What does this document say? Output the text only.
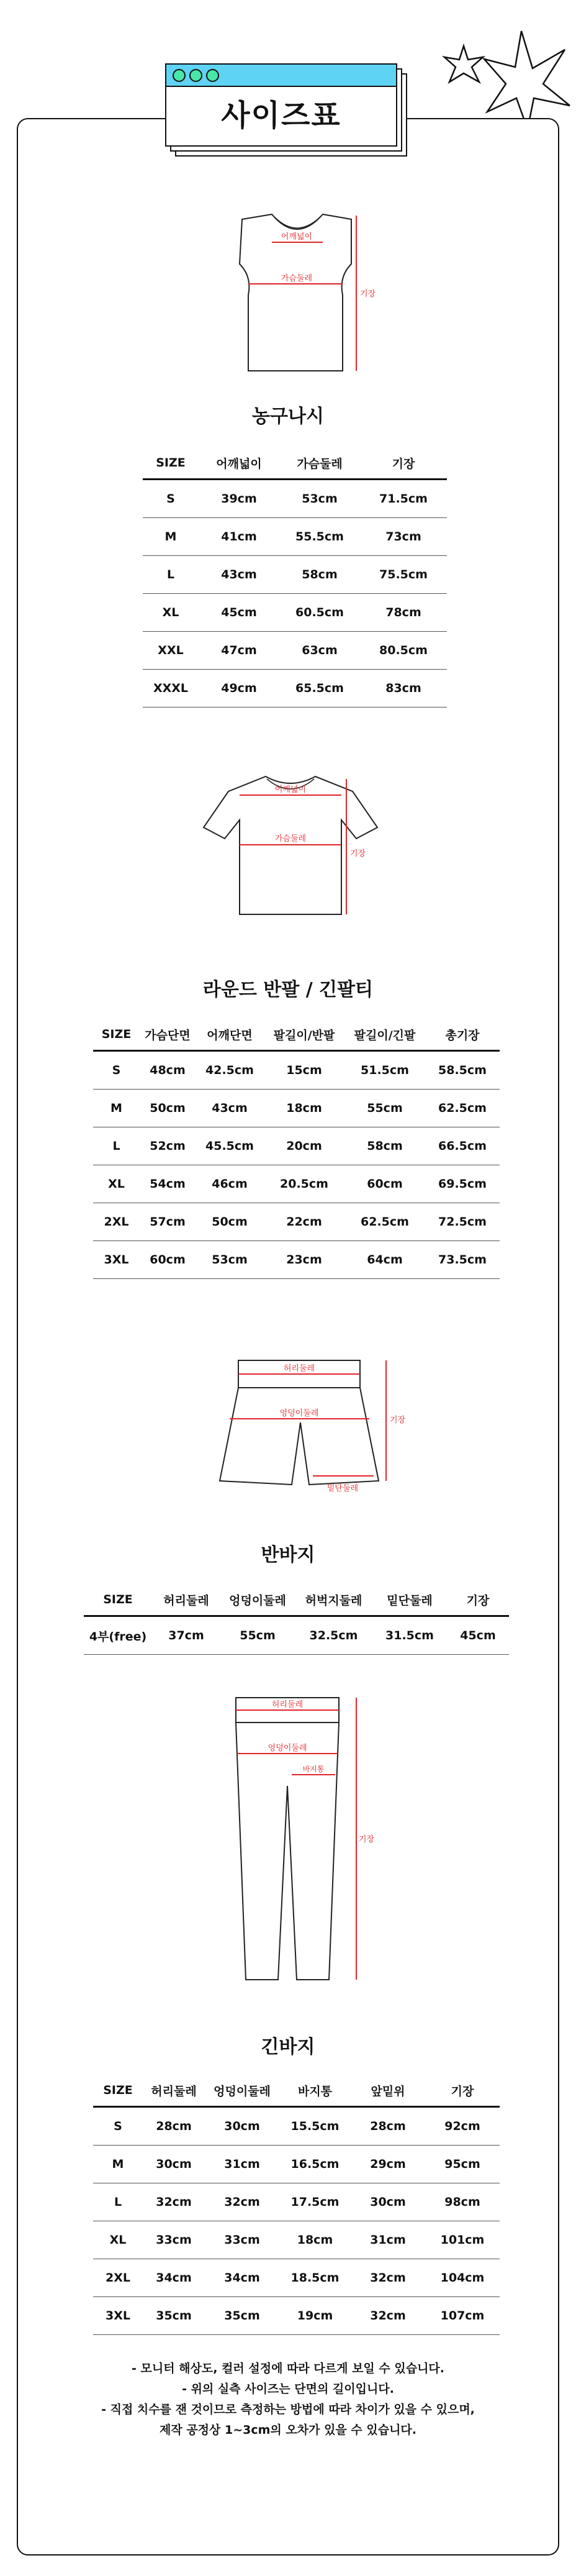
사이즈표
어깨넓이
가슴둘레
기장
농구나시
SIZE	어깨넓이	가슴둘레	기장
S	39cm	53cm	71.5cm
M	41cm	55.5cm	73cm
L	43cm	58cm	75.5cm
XL	45cm	60.5cm	78cm
XXL	47cm	63cm	80.5cm
XXXL	49cm	65.5cm	83cm
어깨넓이
가슴둘레
기장
라운드 반팔 / 긴팔티
SIZE	가슴단면	어깨단면	팔길이/반팔	팔길이/긴팔	총기장
S	48cm	42.5cm	15cm	51.5cm	58.5cm
M	50cm	43cm	18cm	55cm	62.5cm
L	52cm	45.5cm	20cm	58cm	66.5cm
XL	54cm	46cm	20.5cm	60cm	69.5cm
2XL	57cm	50cm	22cm	62.5cm	72.5cm
3XL	60cm	53cm	23cm	64cm	73.5cm
허리둘레
엉덩이둘레
밑단둘레
기장
반바지
SIZE	허리둘레	엉덩이둘레	허벅지둘레	밑단둘레	기장
4부(free)	37cm	55cm	32.5cm	31.5cm	45cm
허리둘레
엉덩이둘레
바지통
기장
긴바지
SIZE	허리둘레	엉덩이둘레	바지통	앞밑위	기장
S	28cm	30cm	15.5cm	28cm	92cm
M	30cm	31cm	16.5cm	29cm	95cm
L	32cm	32cm	17.5cm	30cm	98cm
XL	33cm	33cm	18cm	31cm	101cm
2XL	34cm	34cm	18.5cm	32cm	104cm
3XL	35cm	35cm	19cm	32cm	107cm
- 모니터 해상도, 컬러 설정에 따라 다르게 보일 수 있습니다.
- 위의 실측 사이즈는 단면의 길이입니다.
- 직접 치수를 잰 것이므로 측정하는 방법에 따라 차이가 있을 수 있으며,
제작 공정상 1~3cm의 오차가 있을 수 있습니다.
